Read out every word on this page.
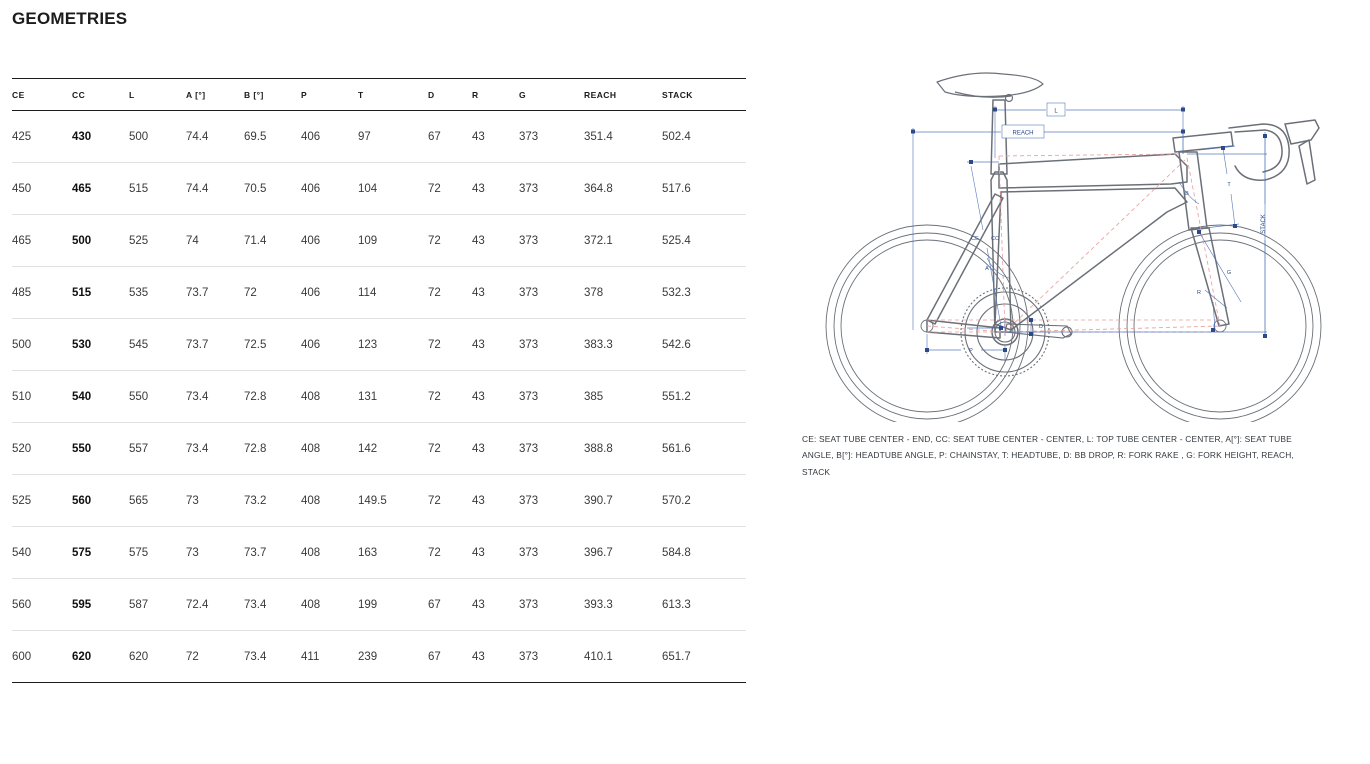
GEOMETRIES
CE	CC	L	A [°]	B [°]	P	T	D	R	G	REACH	STACK
425	430	500	74.4	69.5	406	97	67	43	373	351.4	502.4
450	465	515	74.4	70.5	406	104	72	43	373	364.8	517.6
465	500	525	74	71.4	406	109	72	43	373	372.1	525.4
485	515	535	73.7	72	406	114	72	43	373	378	532.3
500	530	545	73.7	72.5	406	123	72	43	373	383.3	542.6
510	540	550	73.4	72.8	408	131	72	43	373	385	551.2
520	550	557	73.4	72.8	408	142	72	43	373	388.8	561.6
525	560	565	73	73.2	408	149.5	72	43	373	390.7	570.2
540	575	575	73	73.7	408	163	72	43	373	396.7	584.8
560	595	587	72.4	73.4	408	199	67	43	373	393.3	613.3
600	620	620	72	73.4	411	239	67	43	373	410.1	651.7
L
REACH
STACK
CE CC
A
B
P
T
D
R
G
CE: SEAT TUBE CENTER - END, CC: SEAT TUBE CENTER - CENTER, L: TOP TUBE CENTER - CENTER, A[°]: SEAT TUBE ANGLE, B[°]: HEADTUBE ANGLE, P: CHAINSTAY, T: HEADTUBE, D: BB DROP, R: FORK RAKE , G: FORK HEIGHT, REACH, STACK
